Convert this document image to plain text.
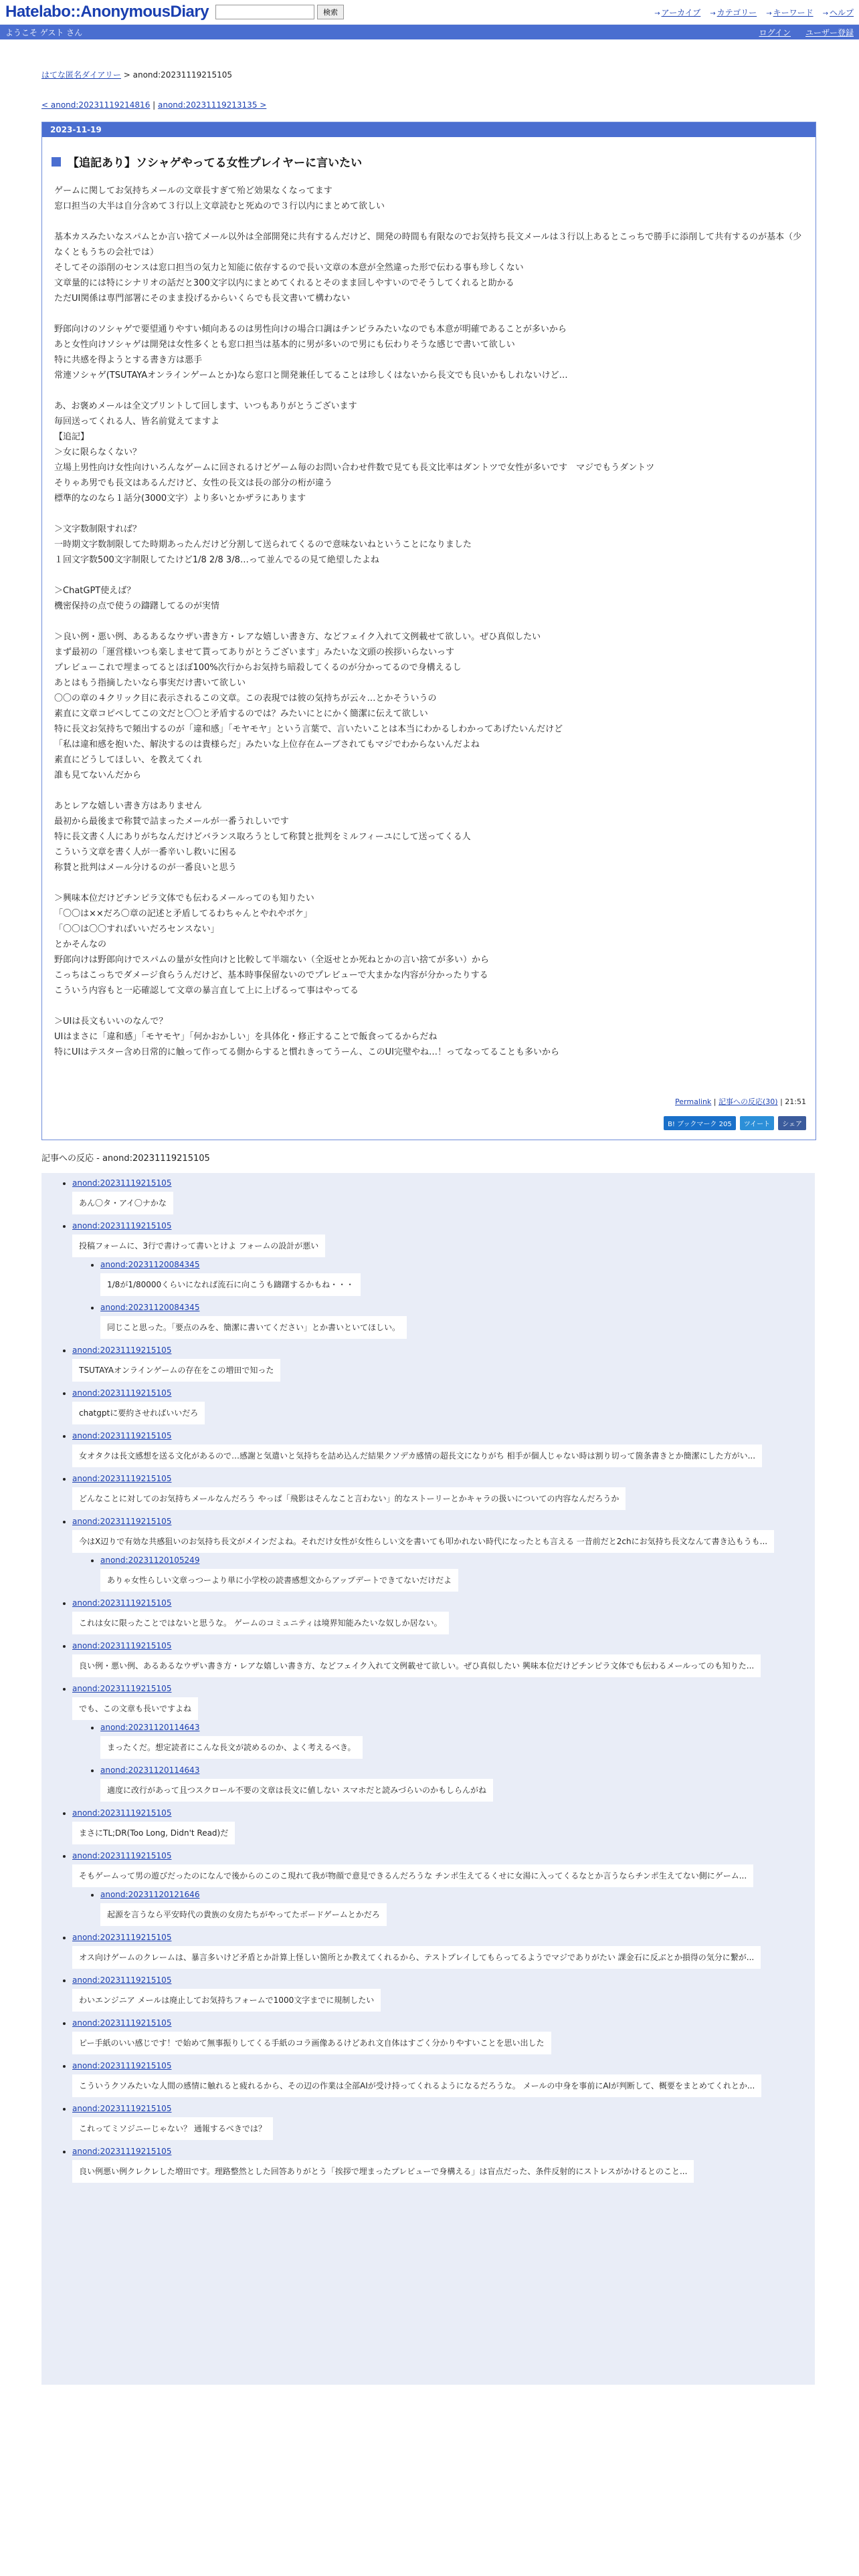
Hatelabo::AnonymousDiary	検索	→ アーカイブ	→ カテゴリー	→ キーワード	→ ヘルプ
ようこそ ゲスト さん	ログイン ユーザー登録
はてな匿名ダイアリー > anond:20231119215105
< anond:20231119214816 | anond:20231119213135 >
2023-11-19
【追記あり】ソシャゲやってる女性プレイヤーに言いたい

ゲームに関してお気持ちメールの文章長すぎて殆ど効果なくなってます

窓口担当の大半は自分含めて３行以上文章読むと死ぬので３行以内にまとめて欲しい

基本カスみたいなスパムとか言い捨てメール以外は全部開発に共有するんだけど、開発の時間も有限なのでお気持ち長文メールは３行以上あるとこっちで勝手に添削して共有するのが基本（少なくともうちの会社では）

そしてその添削のセンスは窓口担当の気力と知能に依存するので長い文章の本意が全然違った形で伝わる事も珍しくない

文章量的には特にシナリオの話だと300文字以内にまとめてくれるとそのまま回しやすいのでそうしてくれると助かる

ただUI関係は専門部署にそのまま投げるからいくらでも長文書いて構わない

野郎向けのソシャゲで要望通りやすい傾向あるのは男性向けの場合口調はチンピラみたいなのでも本意が明確であることが多いから

あと女性向けソシャゲは開発は女性多くとも窓口担当は基本的に男が多いので男にも伝わりそうな感じで書いて欲しい

特に共感を得ようとする書き方は悪手

常連ソシャゲ(TSUTAYAオンラインゲームとか)なら窓口と開発兼任してることは珍しくはないから長文でも良いかもしれないけど…

あ、お褒めメールは全文プリントして回します、いつもありがとうございます

毎回送ってくれる人、皆名前覚えてますよ

【追記】

＞女に限らなくない？

立場上男性向け女性向けいろんなゲームに回されるけどゲーム毎のお問い合わせ件数で見ても長文比率はダントツで女性が多いです　マジでもうダントツ

そりゃあ男でも長文はあるんだけど、女性の長文は長の部分の桁が違う

標準的なのなら１話分(3000文字）より多いとかザラにあります

＞文字数制限すれば？

一時期文字数制限してた時期あったんだけど分割して送られてくるので意味ないねということになりました

１回文字数500文字制限してたけど1/8 2/8 3/8…って並んでるの見て絶望したよね

＞ChatGPT使えば？

機密保持の点で使うの躊躇してるのが実情

＞良い例・悪い例、あるあるなウザい書き方・レアな嬉しい書き方、などフェイク入れて文例載せて欲しい。ぜひ真似したい

まず最初の「運営様いつも楽しませて貰ってありがとうございます」みたいな文頭の挨拶いらないっす

プレビューこれで埋まってるとほぼ100%次行からお気持ち暗殺してくるのが分かってるので身構えるし

あとはもう指摘したいなら事実だけ書いて欲しい

〇〇の章の４クリック目に表示されるこの文章。この表現では彼の気持ちが云々…とかそういうの

素直に文章コピペしてこの文だと〇〇と矛盾するのでは？みたいにとにかく簡潔に伝えて欲しい

特に長文お気持ちで頻出するのが「違和感」「モヤモヤ」という言葉で、言いたいことは本当にわかるしわかってあげたいんだけど

「私は違和感を抱いた、解決するのは貴様らだ」みたいな上位存在ムーブされてもマジでわからないんだよね

素直にどうしてほしい、を教えてくれ

誰も見てないんだから

あとレアな嬉しい書き方はありません

最初から最後まで称賛で詰まったメールが一番うれしいです

特に長文書く人にありがちなんだけどバランス取ろうとして称賛と批判をミルフィーユにして送ってくる人

こういう文章を書く人が一番辛いし救いに困る

称賛と批判はメール分けるのが一番良いと思う

＞興味本位だけどチンピラ文体でも伝わるメールってのも知りたい

「〇〇は××だろ〇章の記述と矛盾してるわちゃんとやれやボケ」

「〇〇は〇〇すればいいだろセンスない」

とかそんなの

野郎向けは野郎向けでスパムの量が女性向けと比較して半端ない（全返せとか死ねとかの言い捨てが多い）から

こっちはこっちでダメージ食らうんだけど、基本時事保留ないのでプレビューで大まかな内容が分かったりする

こういう内容もと一応確認して文章の暴言直して上に上げるって事はやってる

＞UIは長文もいいのなんで？

UIはまさに「違和感」「モヤモヤ」「何かおかしい」を具体化・修正することで飯食ってるからだね

特にUIはテスター含め日常的に触って作ってる側からすると慣れきってうーん、このUI完璧やね…！ってなってることも多いから

Permalink | 記事への反応(30) | 21:51
B! ブックマーク 205	ツイート	シェア
記事への反応 - anond:20231119215105
• anond:20231119215105
あん〇タ・アイ〇ナかな
• anond:20231119215105
投稿フォームに、3行で書けって書いとけよ フォームの設計が悪い
• anond:20231120084345
1/8が1/80000くらいになれば流石に向こうも躊躇するかもね・・・
• anond:20231120084345
同じこと思った。「要点のみを、簡潔に書いてください」とか書いといてほしい。
• anond:20231119215105
TSUTAYAオンラインゲームの存在をこの増田で知った
• anond:20231119215105
chatgptに要約させればいいだろ
• anond:20231119215105
女オタクは長文感想を送る文化があるので…感謝と気遣いと気持ちを詰め込んだ結果クソデカ感情の超長文になりがち 相手が個人じゃない時は割り切って箇条書きとか簡潔にした方がい...
• anond:20231119215105
どんなことに対してのお気持ちメールなんだろう やっぱ「飛影はそんなこと言わない」的なストーリーとかキャラの扱いについての内容なんだろうか
• anond:20231119215105
今はX辺りで有効な共感狙いのお気持ち長文がメインだよね。それだけ女性が女性らしい文を書いても叩かれない時代になったとも言える 一昔前だと2chにお気持ち長文なんて書き込もうも...
• anond:20231120105249
ありゃ女性らしい文章っつーより単に小学校の読書感想文からアップデートできてないだけだよ
• anond:20231119215105
これは女に限ったことではないと思うな。 ゲームのコミュニティは境界知能みたいな奴しか居ない。
• anond:20231119215105
良い例・悪い例、あるあるなウザい書き方・レアな嬉しい書き方、などフェイク入れて文例載せて欲しい。ぜひ真似したい 興味本位だけどチンピラ文体でも伝わるメールってのも知りた...
• anond:20231119215105
でも、この文章も長いですよね
• anond:20231120114643
まったくだ。想定読者にこんな長文が読めるのか、よく考えるべき。
• anond:20231120114643
適度に改行があって且つスクロール不要の文章は長文に値しない スマホだと読みづらいのかもしらんがね
• anond:20231119215105
まさにTL;DR(Too Long, Didn't Read)だ
• anond:20231119215105
そもゲームって男の遊びだったのになんで後からのこのこ現れて我が物顔で意見できるんだろうな チンポ生えてるくせに女湯に入ってくるなとか言うならチンポ生えてない側にゲーム...
• anond:20231120121646
起源を言うなら平安時代の貴族の女房たちがやってたボードゲームとかだろ
• anond:20231119215105
オス向けゲームのクレームは、暴言多いけど矛盾とか計算上怪しい箇所とか教えてくれるから、テストプレイしてもらってるようでマジでありがたい 課金石に反ぶとか損得の気分に繋が...
• anond:20231119215105
わいエンジニア メールは廃止してお気持ちフォームで1000文字までに規制したい
• anond:20231119215105
ピー手紙のいい感じです！で始めて無事振りしてくる手紙のコラ画像あるけどあれ文自体はすごく分かりやすいことを思い出した
• anond:20231119215105
こういうクソみたいな人間の感情に触れると疲れるから、その辺の作業は全部AIが受け持ってくれるようになるだろうな。 メールの中身を事前にAIが判断して、概要をまとめてくれとか...
• anond:20231119215105
これってミソジニーじゃない？ 通報するべきでは？
• anond:20231119215105
良い例悪い例クレクレした増田です。理路整然とした回答ありがとう「挨拶で埋まったプレビューで身構える」は盲点だった、条件反射的にストレスがかけるとのこと...
